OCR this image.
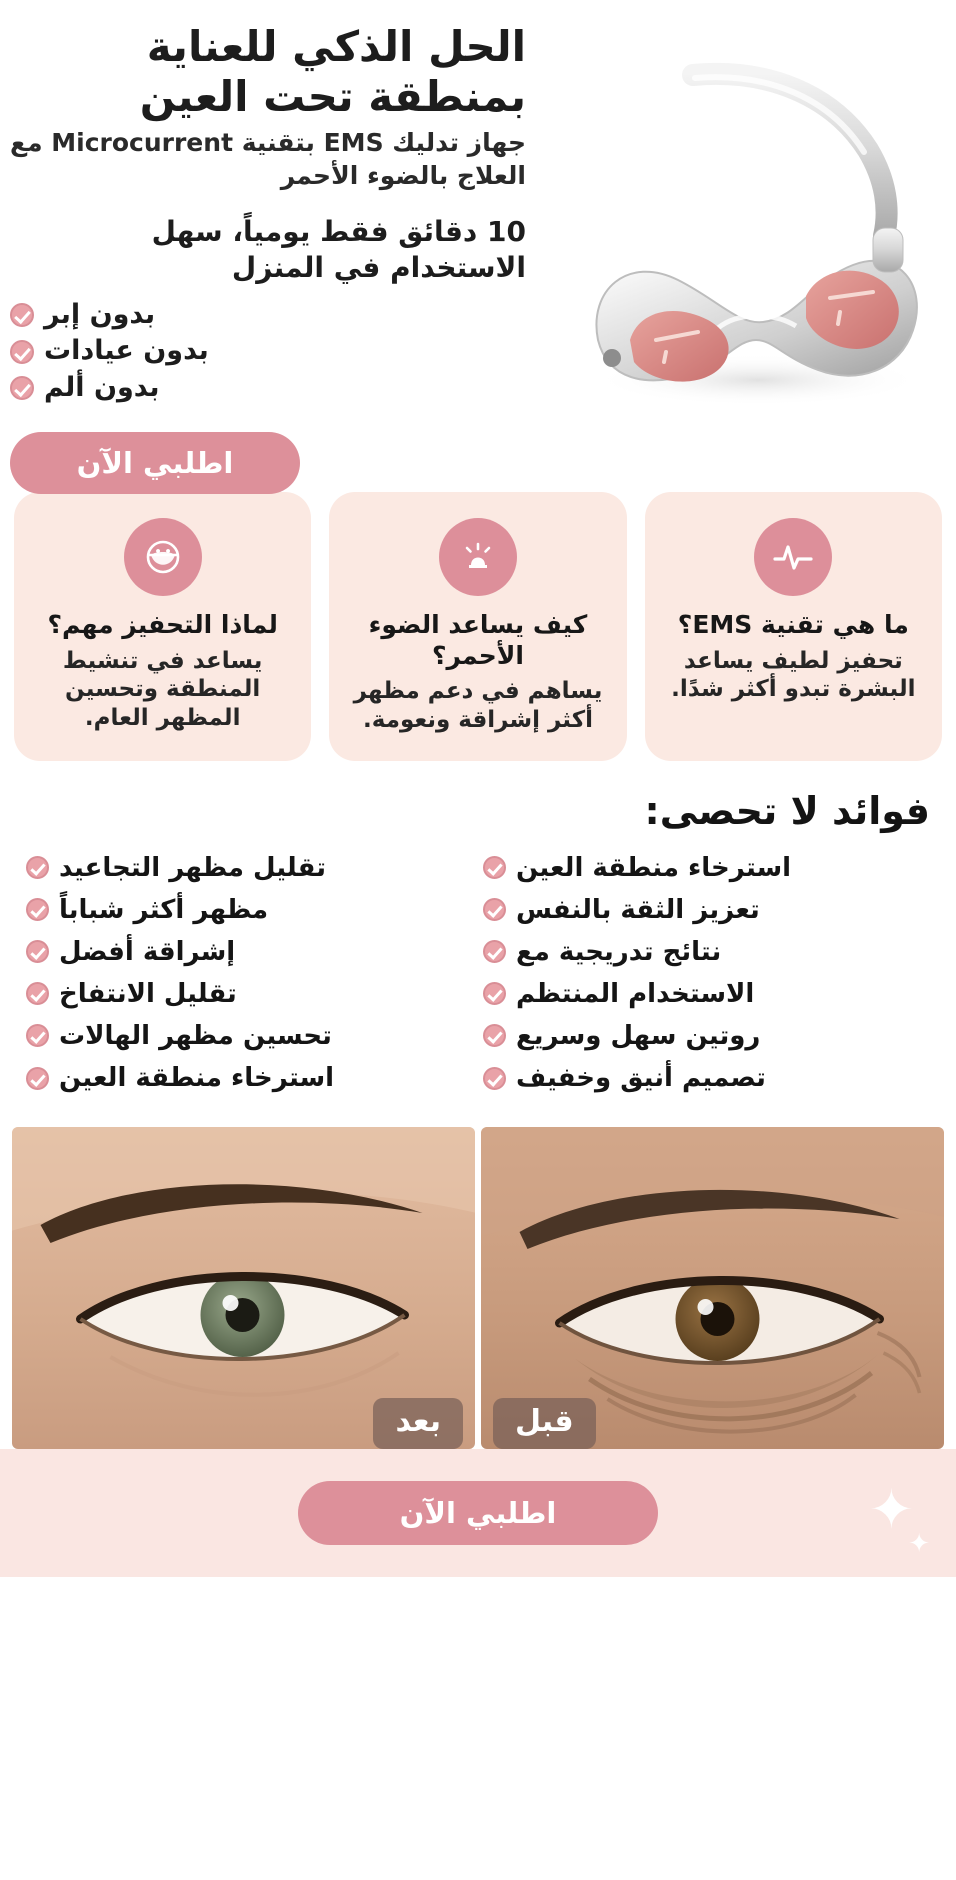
الحل الذكي للعناية بمنطقة تحت العين

جهاز تدليك EMS بتقنية Microcurrent مع العلاج بالضوء الأحمر

10 دقائق فقط يومياً، سهل الاستخدام في المنزل

بدون إبر
بدون عيادات
بدون ألم
اطلبي الآن
لماذا التحفيز مهم؟

يساعد في تنشيط المنطقة وتحسين المظهر العام.

كيف يساعد الضوء الأحمر؟

يساهم في دعم مظهر أكثر إشراقة ونعومة.

ما هي تقنية EMS؟

تحفيز لطيف يساعد البشرة تبدو أكثر شدًا.

فوائد لا تحصى:
تقليل مظهر التجاعيد
مظهر أكثر شباباً
إشراقة أفضل
تقليل الانتفاخ
تحسين مظهر الهالات
استرخاء منطقة العين
استرخاء منطقة العين
تعزيز الثقة بالنفس
نتائج تدريجية مع
الاستخدام المنتظم
روتين سهل وسريع
تصميم أنيق وخفيف
قبل
بعد
اطلبي الآن	✦
✦
